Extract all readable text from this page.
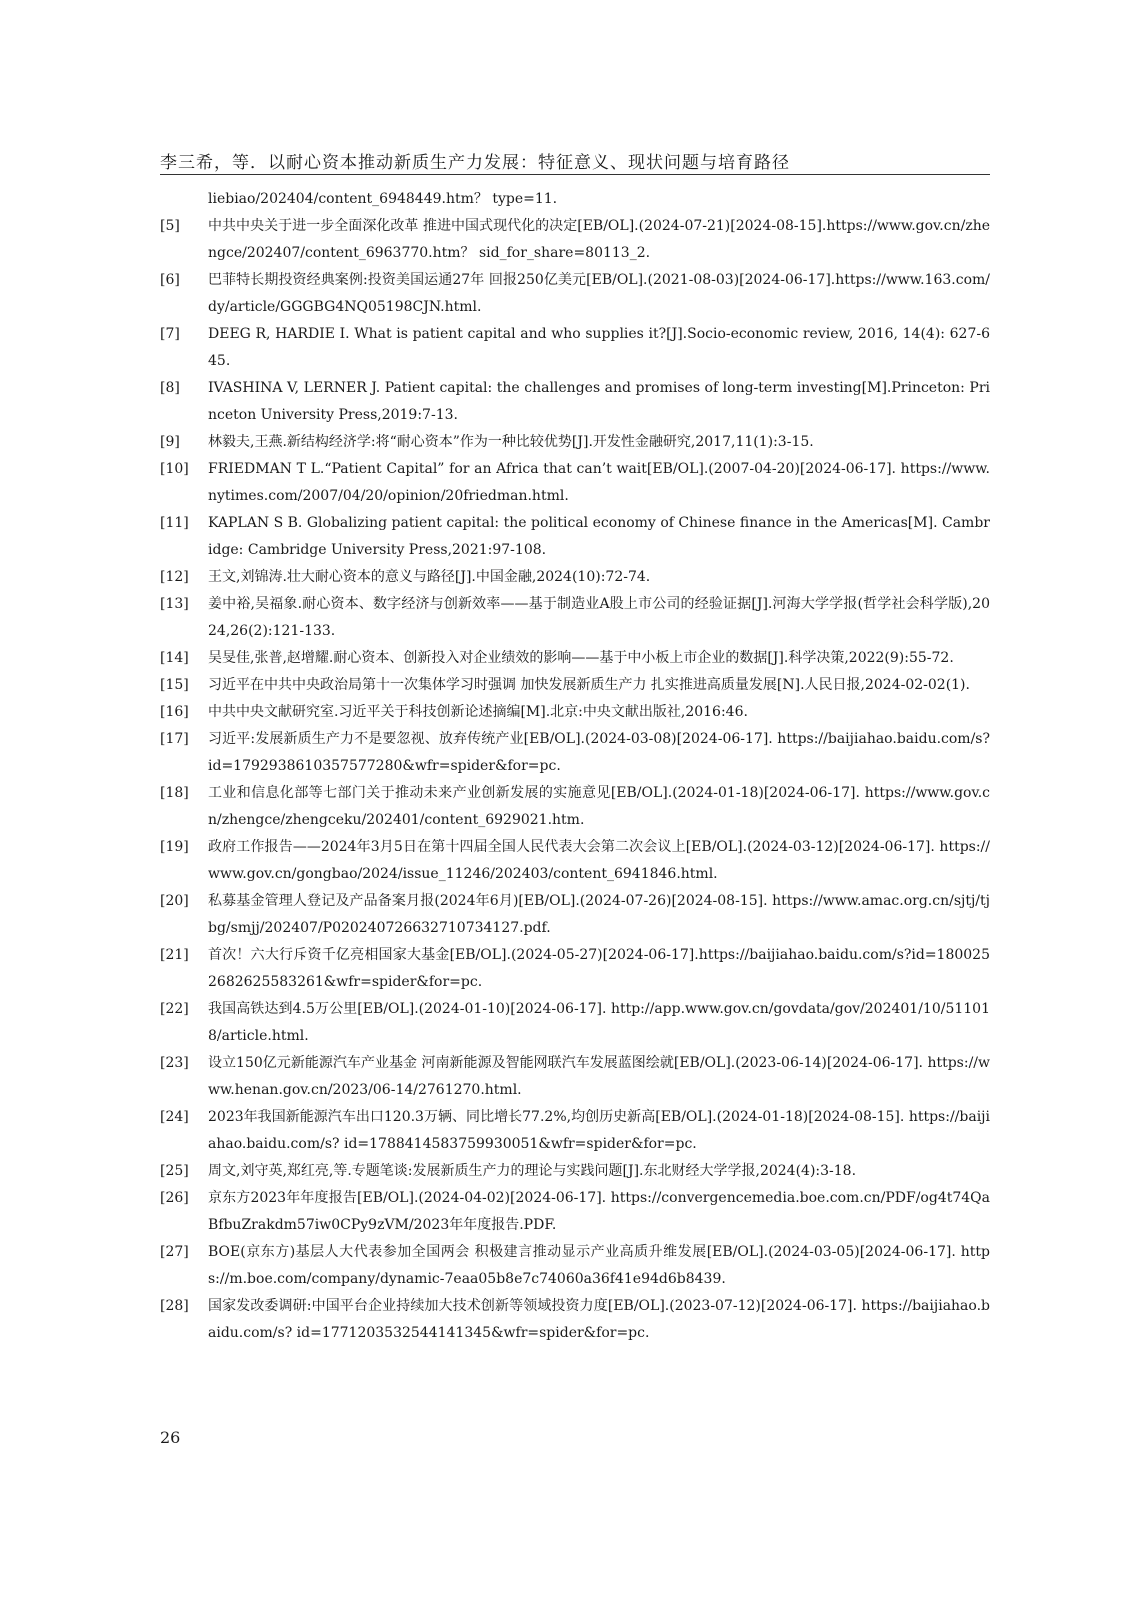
李三希，等．以耐心资本推动新质生产力发展：特征意义、现状问题与培育路径
liebiao/202404/content_6948449.htm？ type=11.
[5]	中共中央关于进一步全面深化改革 推进中国式现代化的决定[EB/OL].(2024-07-21)[2024-08-15].https://www.gov.cn/zhengce/202407/content_6963770.htm？ sid_for_share=80113_2.
[6]	巴菲特长期投资经典案例:投资美国运通27年 回报250亿美元[EB/OL].(2021-08-03)[2024-06-17].https://www.163.com/dy/article/GGGBG4NQ05198CJN.html.
[7]	DEEG R, HARDIE I. What is patient capital and who supplies it?[J].Socio-economic review, 2016, 14(4): 627-645.
[8]	IVASHINA V, LERNER J. Patient capital: the challenges and promises of long-term investing[M].Princeton: Princeton University Press,2019:7-13.
[9]	林毅夫,王燕.新结构经济学:将“耐心资本”作为一种比较优势[J].开发性金融研究,2017,11(1):3-15.
[10]	FRIEDMAN T L.“Patient Capital” for an Africa that can’t wait[EB/OL].(2007-04-20)[2024-06-17]. https://www.nytimes.com/2007/04/20/opinion/20friedman.html.
[11]	KAPLAN S B. Globalizing patient capital: the political economy of Chinese finance in the Americas[M]. Cambridge: Cambridge University Press,2021:97-108.
[12]	王文,刘锦涛.壮大耐心资本的意义与路径[J].中国金融,2024(10):72-74.
[13]	姜中裕,吴福象.耐心资本、数字经济与创新效率——基于制造业A股上市公司的经验证据[J].河海大学学报(哲学社会科学版),2024,26(2):121-133.
[14]	吴旻佳,张普,赵增耀.耐心资本、创新投入对企业绩效的影响——基于中小板上市企业的数据[J].科学决策,2022(9):55-72.
[15]	习近平在中共中央政治局第十一次集体学习时强调 加快发展新质生产力 扎实推进高质量发展[N].人民日报,2024-02-02(1).
[16]	中共中央文献研究室.习近平关于科技创新论述摘编[M].北京:中央文献出版社,2016:46.
[17]	习近平:发展新质生产力不是要忽视、放弃传统产业[EB/OL].(2024-03-08)[2024-06-17]. https://baijiahao.baidu.com/s? id=1792938610357577280&wfr=spider&for=pc.
[18]	工业和信息化部等七部门关于推动未来产业创新发展的实施意见[EB/OL].(2024-01-18)[2024-06-17]. https://www.gov.cn/zhengce/zhengceku/202401/content_6929021.htm.
[19]	政府工作报告——2024年3月5日在第十四届全国人民代表大会第二次会议上[EB/OL].(2024-03-12)[2024-06-17]. https://www.gov.cn/gongbao/2024/issue_11246/202403/content_6941846.html.
[20]	私募基金管理人登记及产品备案月报(2024年6月)[EB/OL].(2024-07-26)[2024-08-15]. https://www.amac.org.cn/sjtj/tjbg/smjj/202407/P020240726632710734127.pdf.
[21]	首次！六大行斥资千亿亮相国家大基金[EB/OL].(2024-05-27)[2024-06-17].https://baijiahao.baidu.com/s?id=1800252682625583261&wfr=spider&for=pc.
[22]	我国高铁达到4.5万公里[EB/OL].(2024-01-10)[2024-06-17]. http://app.www.gov.cn/govdata/gov/202401/10/511018/article.html.
[23]	设立150亿元新能源汽车产业基金 河南新能源及智能网联汽车发展蓝图绘就[EB/OL].(2023-06-14)[2024-06-17]. https://www.henan.gov.cn/2023/06-14/2761270.html.
[24]	2023年我国新能源汽车出口120.3万辆、同比增长77.2%,均创历史新高[EB/OL].(2024-01-18)[2024-08-15]. https://baijiahao.baidu.com/s? id=1788414583759930051&wfr=spider&for=pc.
[25]	周文,刘守英,郑红亮,等.专题笔谈:发展新质生产力的理论与实践问题[J].东北财经大学学报,2024(4):3-18.
[26]	京东方2023年年度报告[EB/OL].(2024-04-02)[2024-06-17]. https://convergencemedia.boe.com.cn/PDF/og4t74QaBfbuZrakdm57iw0CPy9zVM/2023年年度报告.PDF.
[27]	BOE(京东方)基层人大代表参加全国两会 积极建言推动显示产业高质升维发展[EB/OL].(2024-03-05)[2024-06-17]. https://m.boe.com/company/dynamic-7eaa05b8e7c74060a36f41e94d6b8439.
[28]	国家发改委调研:中国平台企业持续加大技术创新等领域投资力度[EB/OL].(2023-07-12)[2024-06-17]. https://baijiahao.baidu.com/s? id=1771203532544141345&wfr=spider&for=pc.
26
